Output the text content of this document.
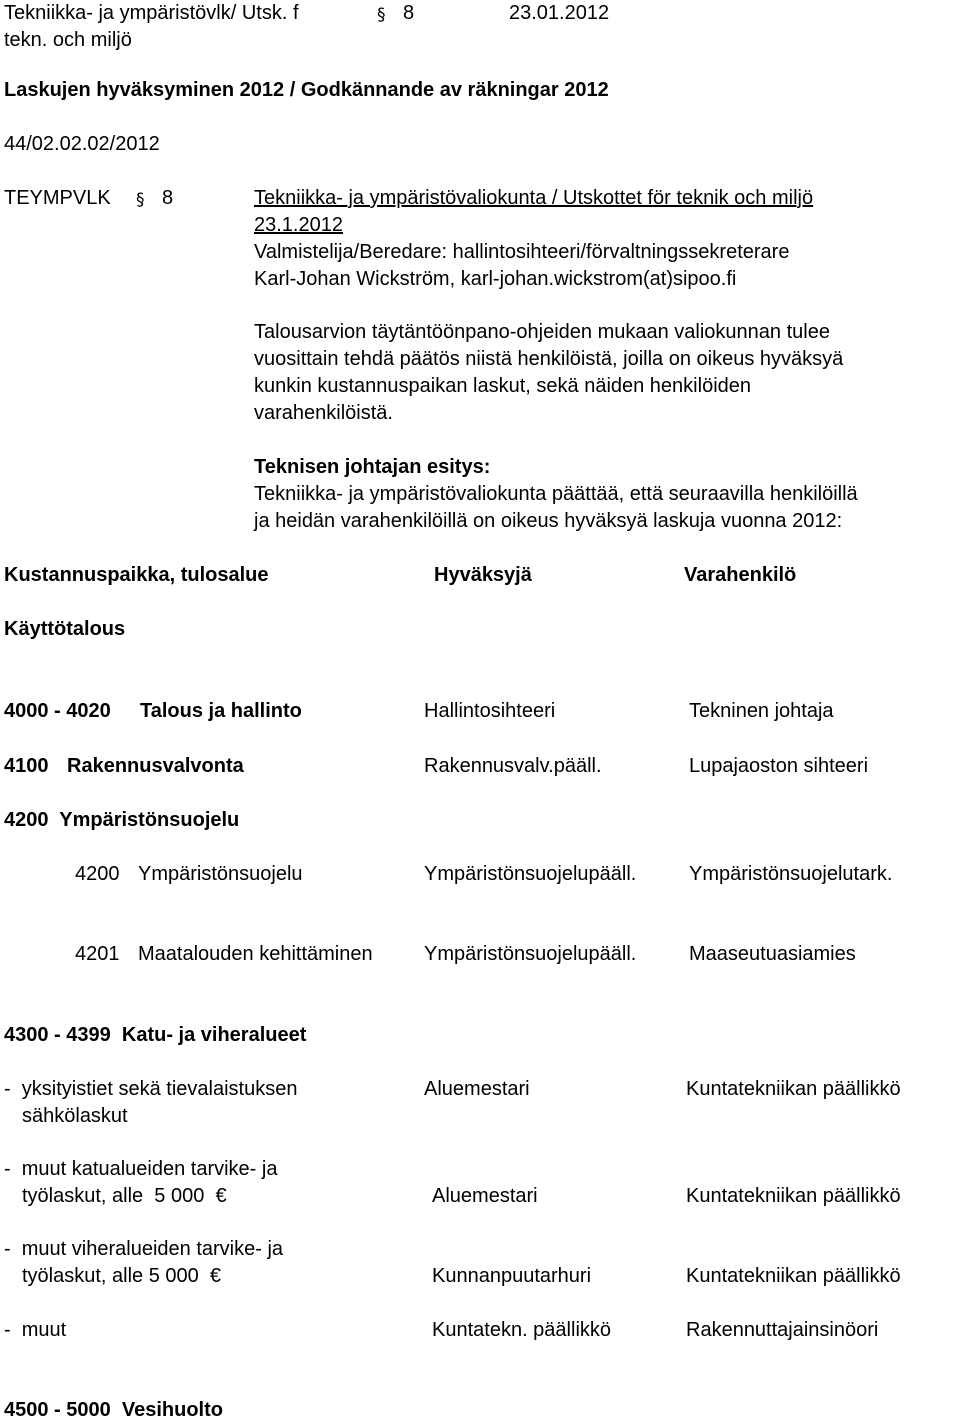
Tekniikka- ja ympäristövlk/ Utsk. f
tekn. och miljö
§ 8	23.01.2012
Laskujen hyväksyminen 2012 / Godkännande av räkningar 2012
44/02.02.02/2012
TEYMPVLK § 8	Tekniikka- ja ympäristövaliokunta / Utskottet för teknik och miljö
23.1.2012
Valmistelija/Beredare: hallintosihteeri/förvaltningssekreterare
Karl-Johan Wickström, karl-johan.wickstrom(at)sipoo.fi
Talousarvion täytäntöönpano-ohjeiden mukaan valiokunnan tulee
vuosittain tehdä päätös niistä henkilöistä, joilla on oikeus hyväksyä
kunkin kustannuspaikan laskut, sekä näiden henkilöiden
varahenkilöistä.
Teknisen johtajan esitys:
Tekniikka- ja ympäristövaliokunta päättää, että seuraavilla henkilöillä
ja heidän varahenkilöillä on oikeus hyväksyä laskuja vuonna 2012:
Kustannuspaikka, tulosalue	Hyväksyjä	Varahenkilö
Käyttötalous
4000 - 4020 Talous ja hallinto	Hallintosihteeri	Tekninen johtaja
4100 Rakennusvalvonta	Rakennusvalv.pääll.	Lupajaoston sihteeri
4200  Ympäristönsuojelu
4200 Ympäristönsuojelu	Ympäristönsuojelupääll.	Ympäristönsuojelutark.
4201 Maatalouden kehittäminen	Ympäristönsuojelupääll.	Maaseutuasiamies
4300 - 4399  Katu- ja viheralueet
-  yksityistiet sekä tievalaistuksen
sähkölaskut
Aluemestari	Kuntatekniikan päällikkö
-  muut katualueiden tarvike- ja
työlaskut, alle  5 000  €	Aluemestari	Kuntatekniikan päällikkö
-  muut viheralueiden tarvike- ja
työlaskut, alle 5 000  €	Kunnanpuutarhuri	Kuntatekniikan päällikkö
-  muut	Kuntatekn. päällikkö	Rakennuttajainsinöori
4500 - 5000  Vesihuolto
